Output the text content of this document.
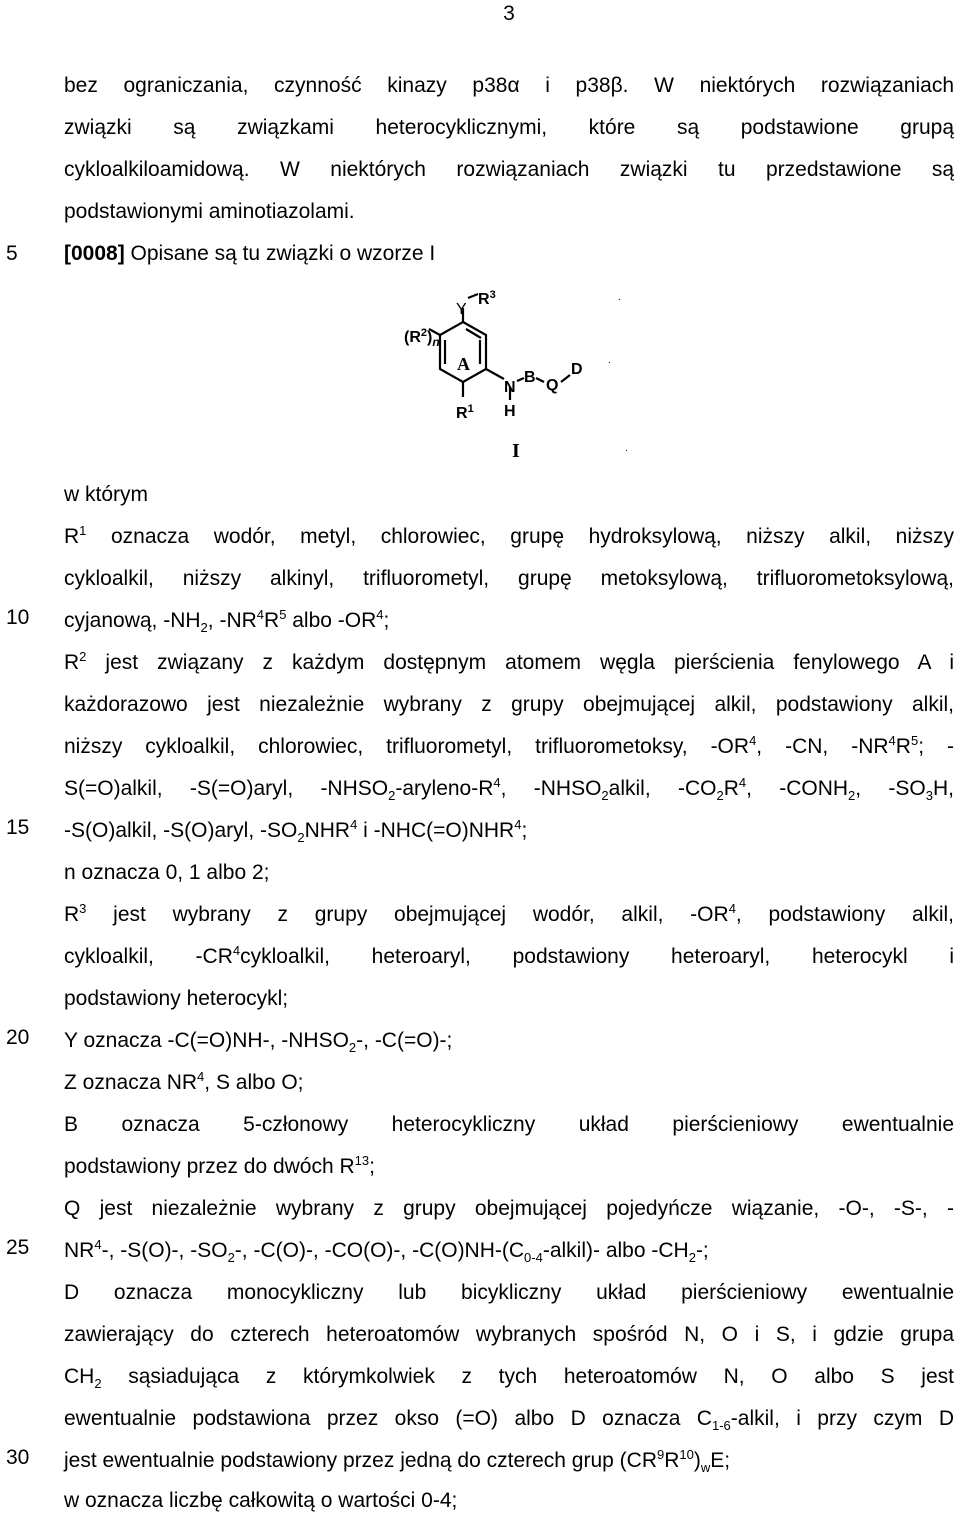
3
5
10
15
20
25
30
bez ograniczania, czynność kinazy p38α i p38β. W niektórych rozwiązaniach
związki są związkami heterocyklicznymi, które są podstawione grupą
cykloalkiloamidową. W niektórych rozwiązaniach związki tu przedstawione są
podstawionymi aminotiazolami.
[0008] Opisane są tu związki o wzorze I
Y
$R^3$
$(R^2)_n$
A
N
H
B Q
D
$R^1$
I
.
.
.
w którym
$R^1$ oznacza wodór, metyl, chlorowiec, grupę hydroksylową, niższy alkil, niższy
cykloalkil, niższy alkinyl, trifluorometyl, grupę metoksylową, trifluorometoksylową,
cyjanową, $-NH_2$, $-NR^4R^5$ albo $-OR^4$;
$R^2$ jest związany z każdym dostępnym atomem węgla pierścienia fenylowego A i
każdorazowo jest niezależnie wybrany z grupy obejmującej alkil, podstawiony alkil,
niższy cykloalkil, chlorowiec, trifluorometyl, trifluorometoksy, $-OR^4$, -CN, $-NR^4R^5$; -
S(=O)alkil, -S(=O)aryl, $-NHSO_2-aryleno-R^4$, $-NHSO_2alkil$, $-CO_2R^4$, $-CONH_2$, $-SO_3H$,
-S(O)alkil, -S(O)aryl, $-SO_2NHR^4$ i $-NHC(=O)NHR^4$;
n oznacza 0, 1 albo 2;
$R^3$ jest wybrany z grupy obejmującej wodór, alkil, $-OR^4$, podstawiony alkil,
cykloalkil, $-CR^4cykloalkil$, heteroaryl, podstawiony heteroaryl, heterocykl i
podstawiony heterocykl;
Y oznacza -C(=O)NH-, $-NHSO_2-$, -C(=O)-;
Z oznacza $NR^4$, S albo O;
B oznacza 5-członowy heterocykliczny układ pierścieniowy ewentualnie
podstawiony przez do dwóch $R^{13}$;
Q jest niezależnie wybrany z grupy obejmującej pojedyńcze wiązanie, -O-, -S-, -
$NR^4-$, -S(O)-, $-SO_2-$, -C(O)-, -CO(O)-, $-C(O)NH-(C_{0-4}-alkil)-$ albo $-CH_2-$;
D oznacza monocykliczny lub bicykliczny układ pierścieniowy ewentualnie
zawierający do czterech heteroatomów wybranych spośród N, O i S, i gdzie grupa
$CH_2$ sąsiadująca z którymkolwiek z tych heteroatomów N, O albo S jest
ewentualnie podstawiona przez okso (=O) albo D oznacza $C_{1-6}$-alkil, i przy czym D
jest ewentualnie podstawiony przez jedną do czterech grup $(CR^9R^{10})_wE$;
w oznacza liczbę całkowitą o wartości 0-4;
